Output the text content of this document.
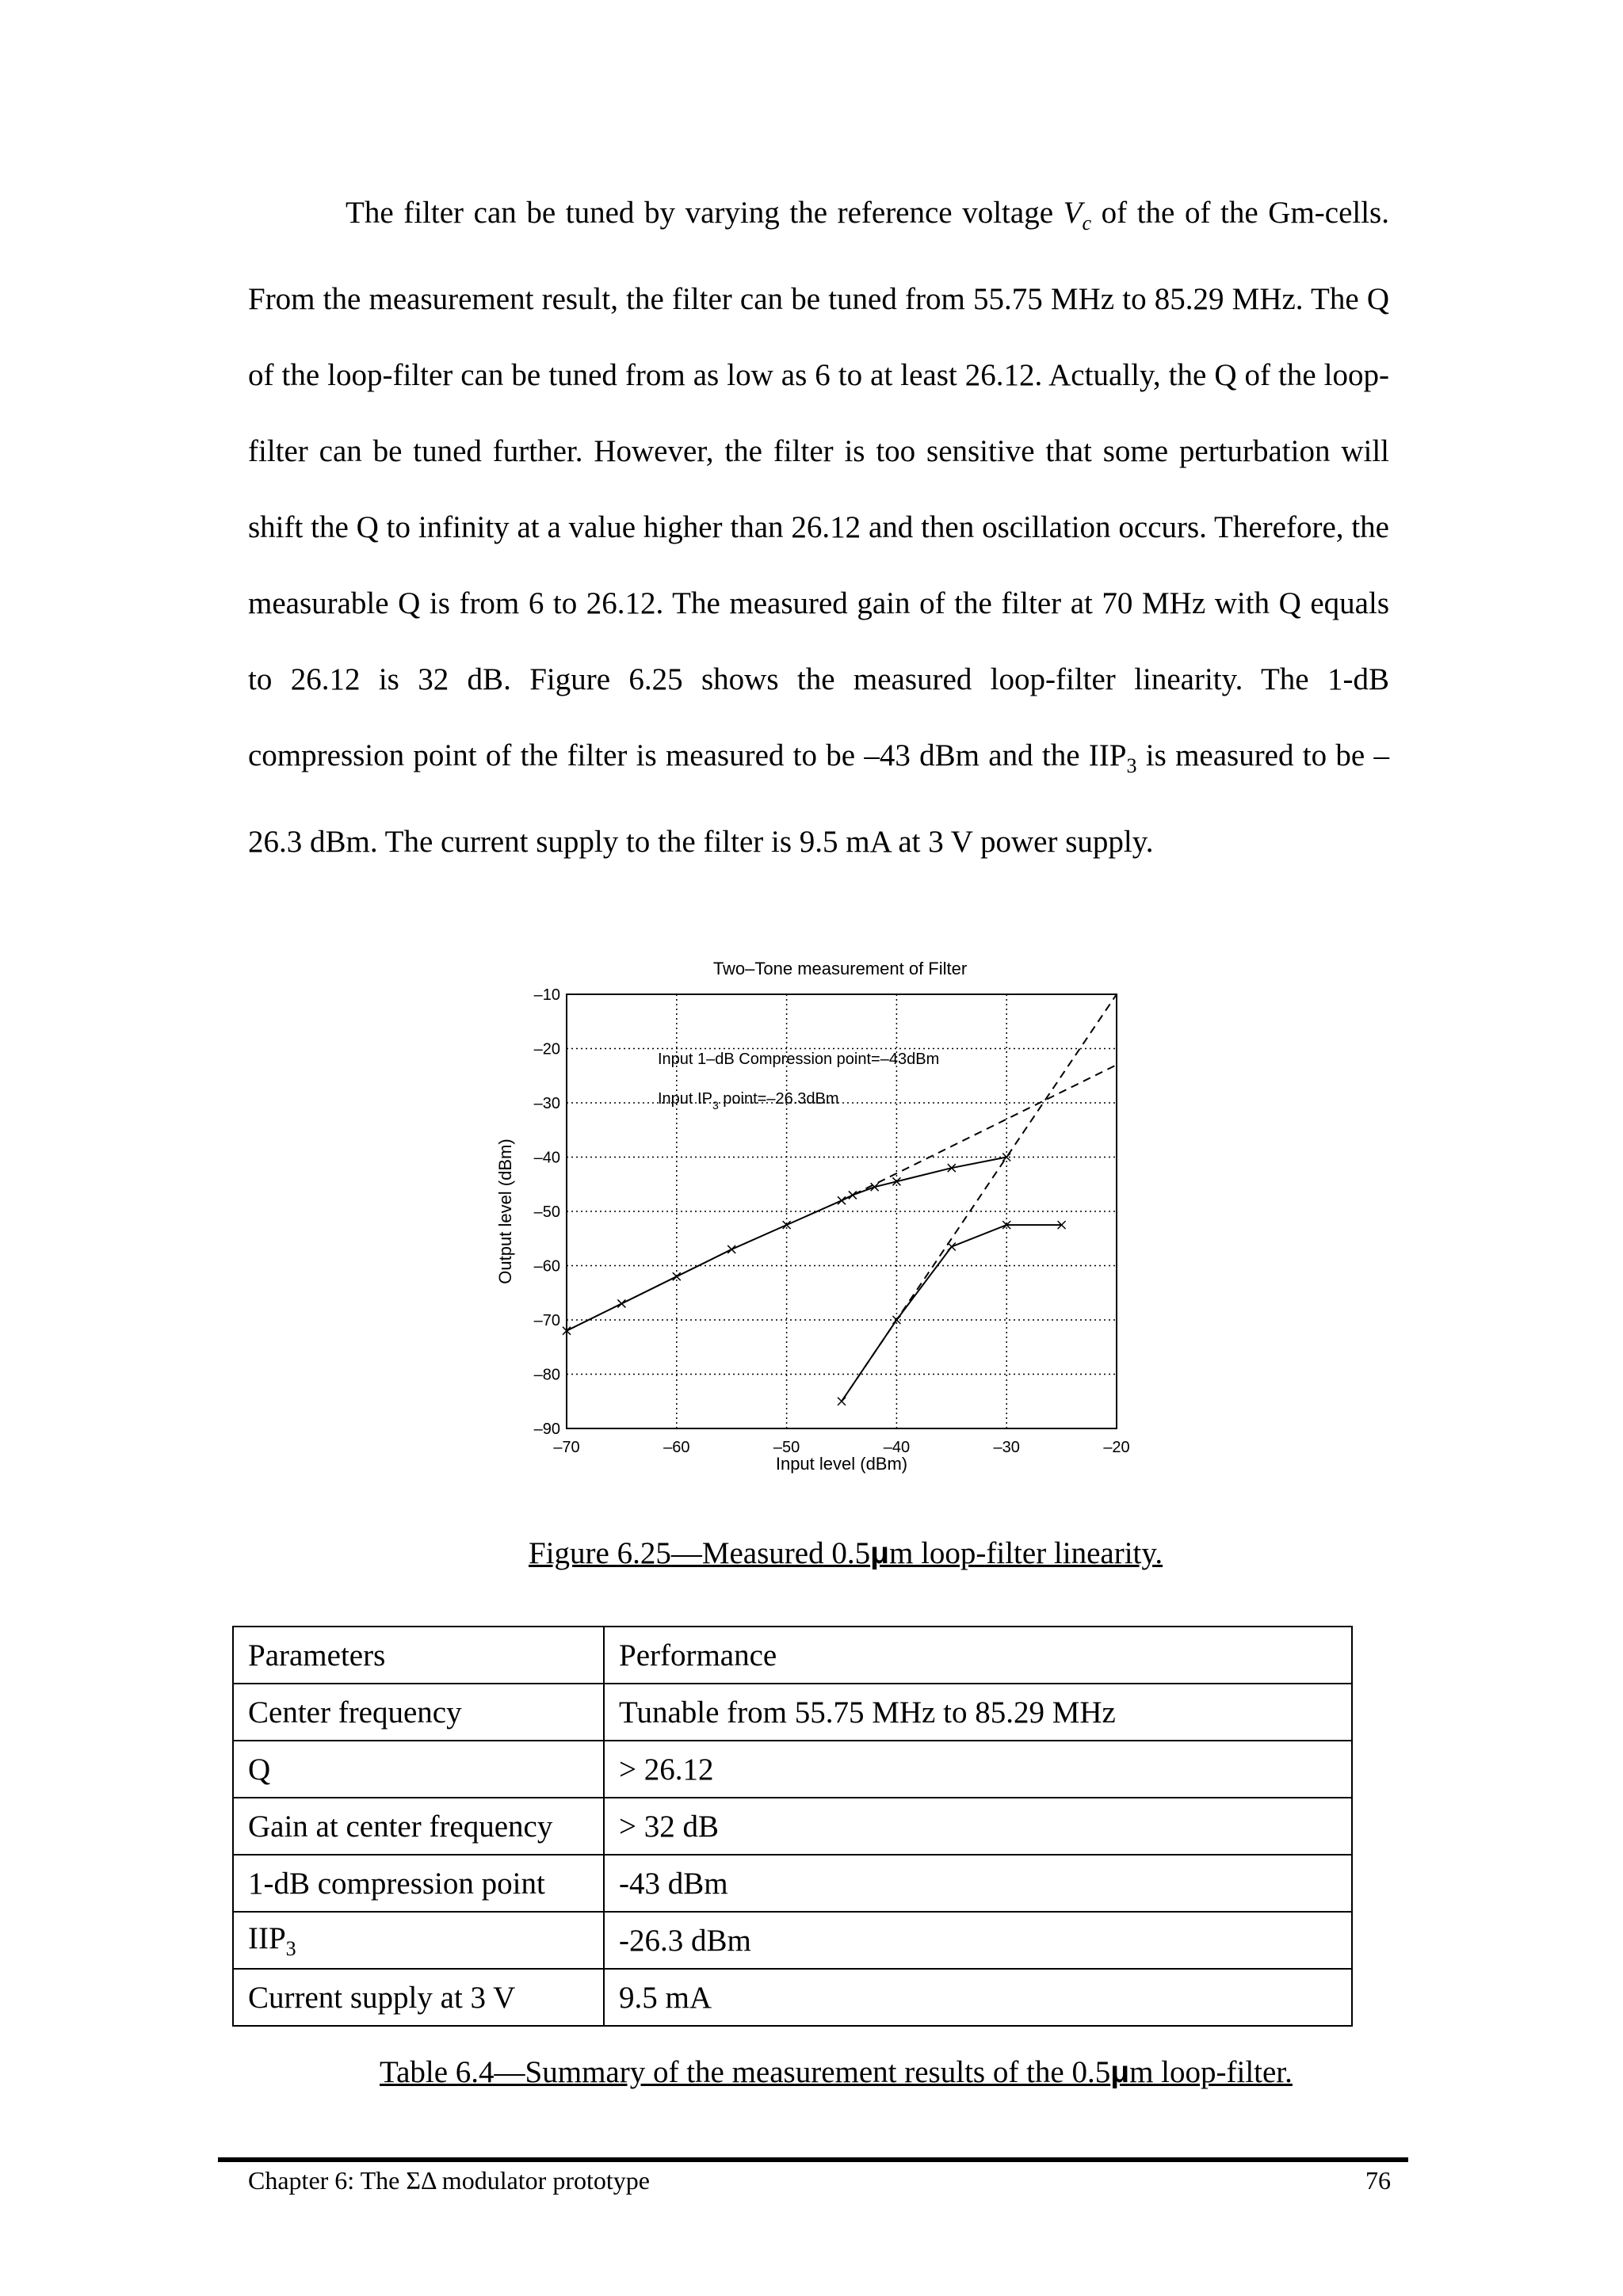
The filter can be tuned by varying the reference voltage $V_c$ of the of the Gm-cells. From the measurement result, the filter can be tuned from 55.75 MHz to 85.29 MHz. The Q of the loop-filter can be tuned from as low as 6 to at least 26.12. Actually, the Q of the loop-filter can be tuned further. However, the filter is too sensitive that some perturbation will shift the Q to infinity at a value higher than 26.12 and then oscillation occurs. Therefore, the measurable Q is from 6 to 26.12. The measured gain of the filter at 70 MHz with Q equals to 26.12 is 32 dB. Figure 6.25 shows the measured loop-filter linearity. The 1-dB compression point of the filter is measured to be –43 dBm and the $IIP_3$ is measured to be –26.3 dBm. The current supply to the filter is 9.5 mA at 3 V power supply.

Two–Tone measurement of Filter
–70	–60	–50	–40	–30	–20
–10
–20
–30
–40
–50
–60
–70
–80
–90
Input 1–dB Compression point=–43dBm
Input $IP_3$ point=–26.3dBm
Input level (dBm)
Output level (dBm)
Figure 6.25—Measured 0.5μm loop-filter linearity.
Parameters	Performance
Center frequency	Tunable from 55.75 MHz to 85.29 MHz
Q	> 26.12
Gain at center frequency	> 32 dB
1-dB compression point	-43 dBm
$IIP_3$	-26.3 dBm
Current supply at 3 V	9.5 mA
Table 6.4—Summary of the measurement results of the 0.5μm loop-filter.
Chapter 6: The ΣΔ modulator prototype	76
